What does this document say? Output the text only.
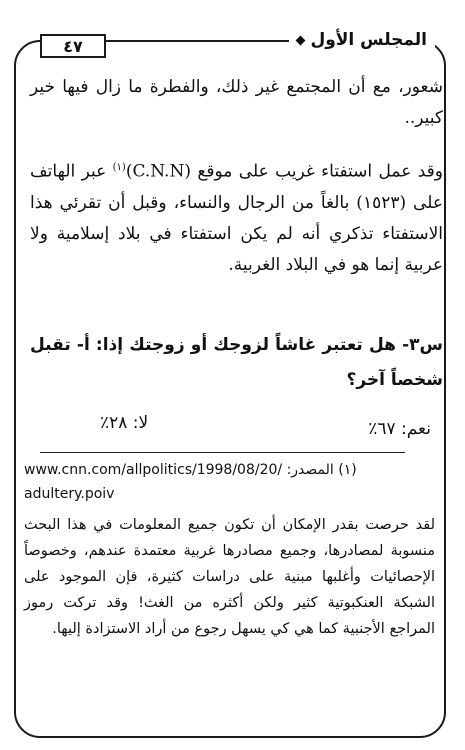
٤٧	المجلس الأول
شعور، مع أن المجتمع غير ذلك، والفطرة ما زال فيها خير كبير..
وقد عمل استفتاء غريب على موقع $(C.N.N)^{(١)}$ عبر الهاتف على (١٥٢٣) بالغاً من الرجال والنساء، وقبل أن تقرئي هذا الاستفتاء تذكري أنه لم يكن استفتاء في بلاد إسلامية ولا عربية إنما هو في البلاد الغربية.
س٣- هل تعتبر غاشاً لزوجك أو زوجتك إذا: أ- تقبل شخصاً آخر؟
نعم: ٦٧٪
لا: ٢٨٪
www.cnn.com/allpolitics/1998/08/20/ (١) المصدر:
adultery.poiv
لقد حرصت بقدر الإمكان أن تكون جميع المعلومات في هذا البحث منسوبة لمصادرها، وجميع مصادرها غربية معتمدة عندهم، وخصوصاً الإحصائيات وأغلبها مبنية على دراسات كثيرة، فإن الموجود على الشبكة العنكبوتية كثير ولكن أكثره من الغث! وقد تركت رموز المراجع الأجنبية كما هي كي يسهل رجوع من أراد الاستزادة إليها.
